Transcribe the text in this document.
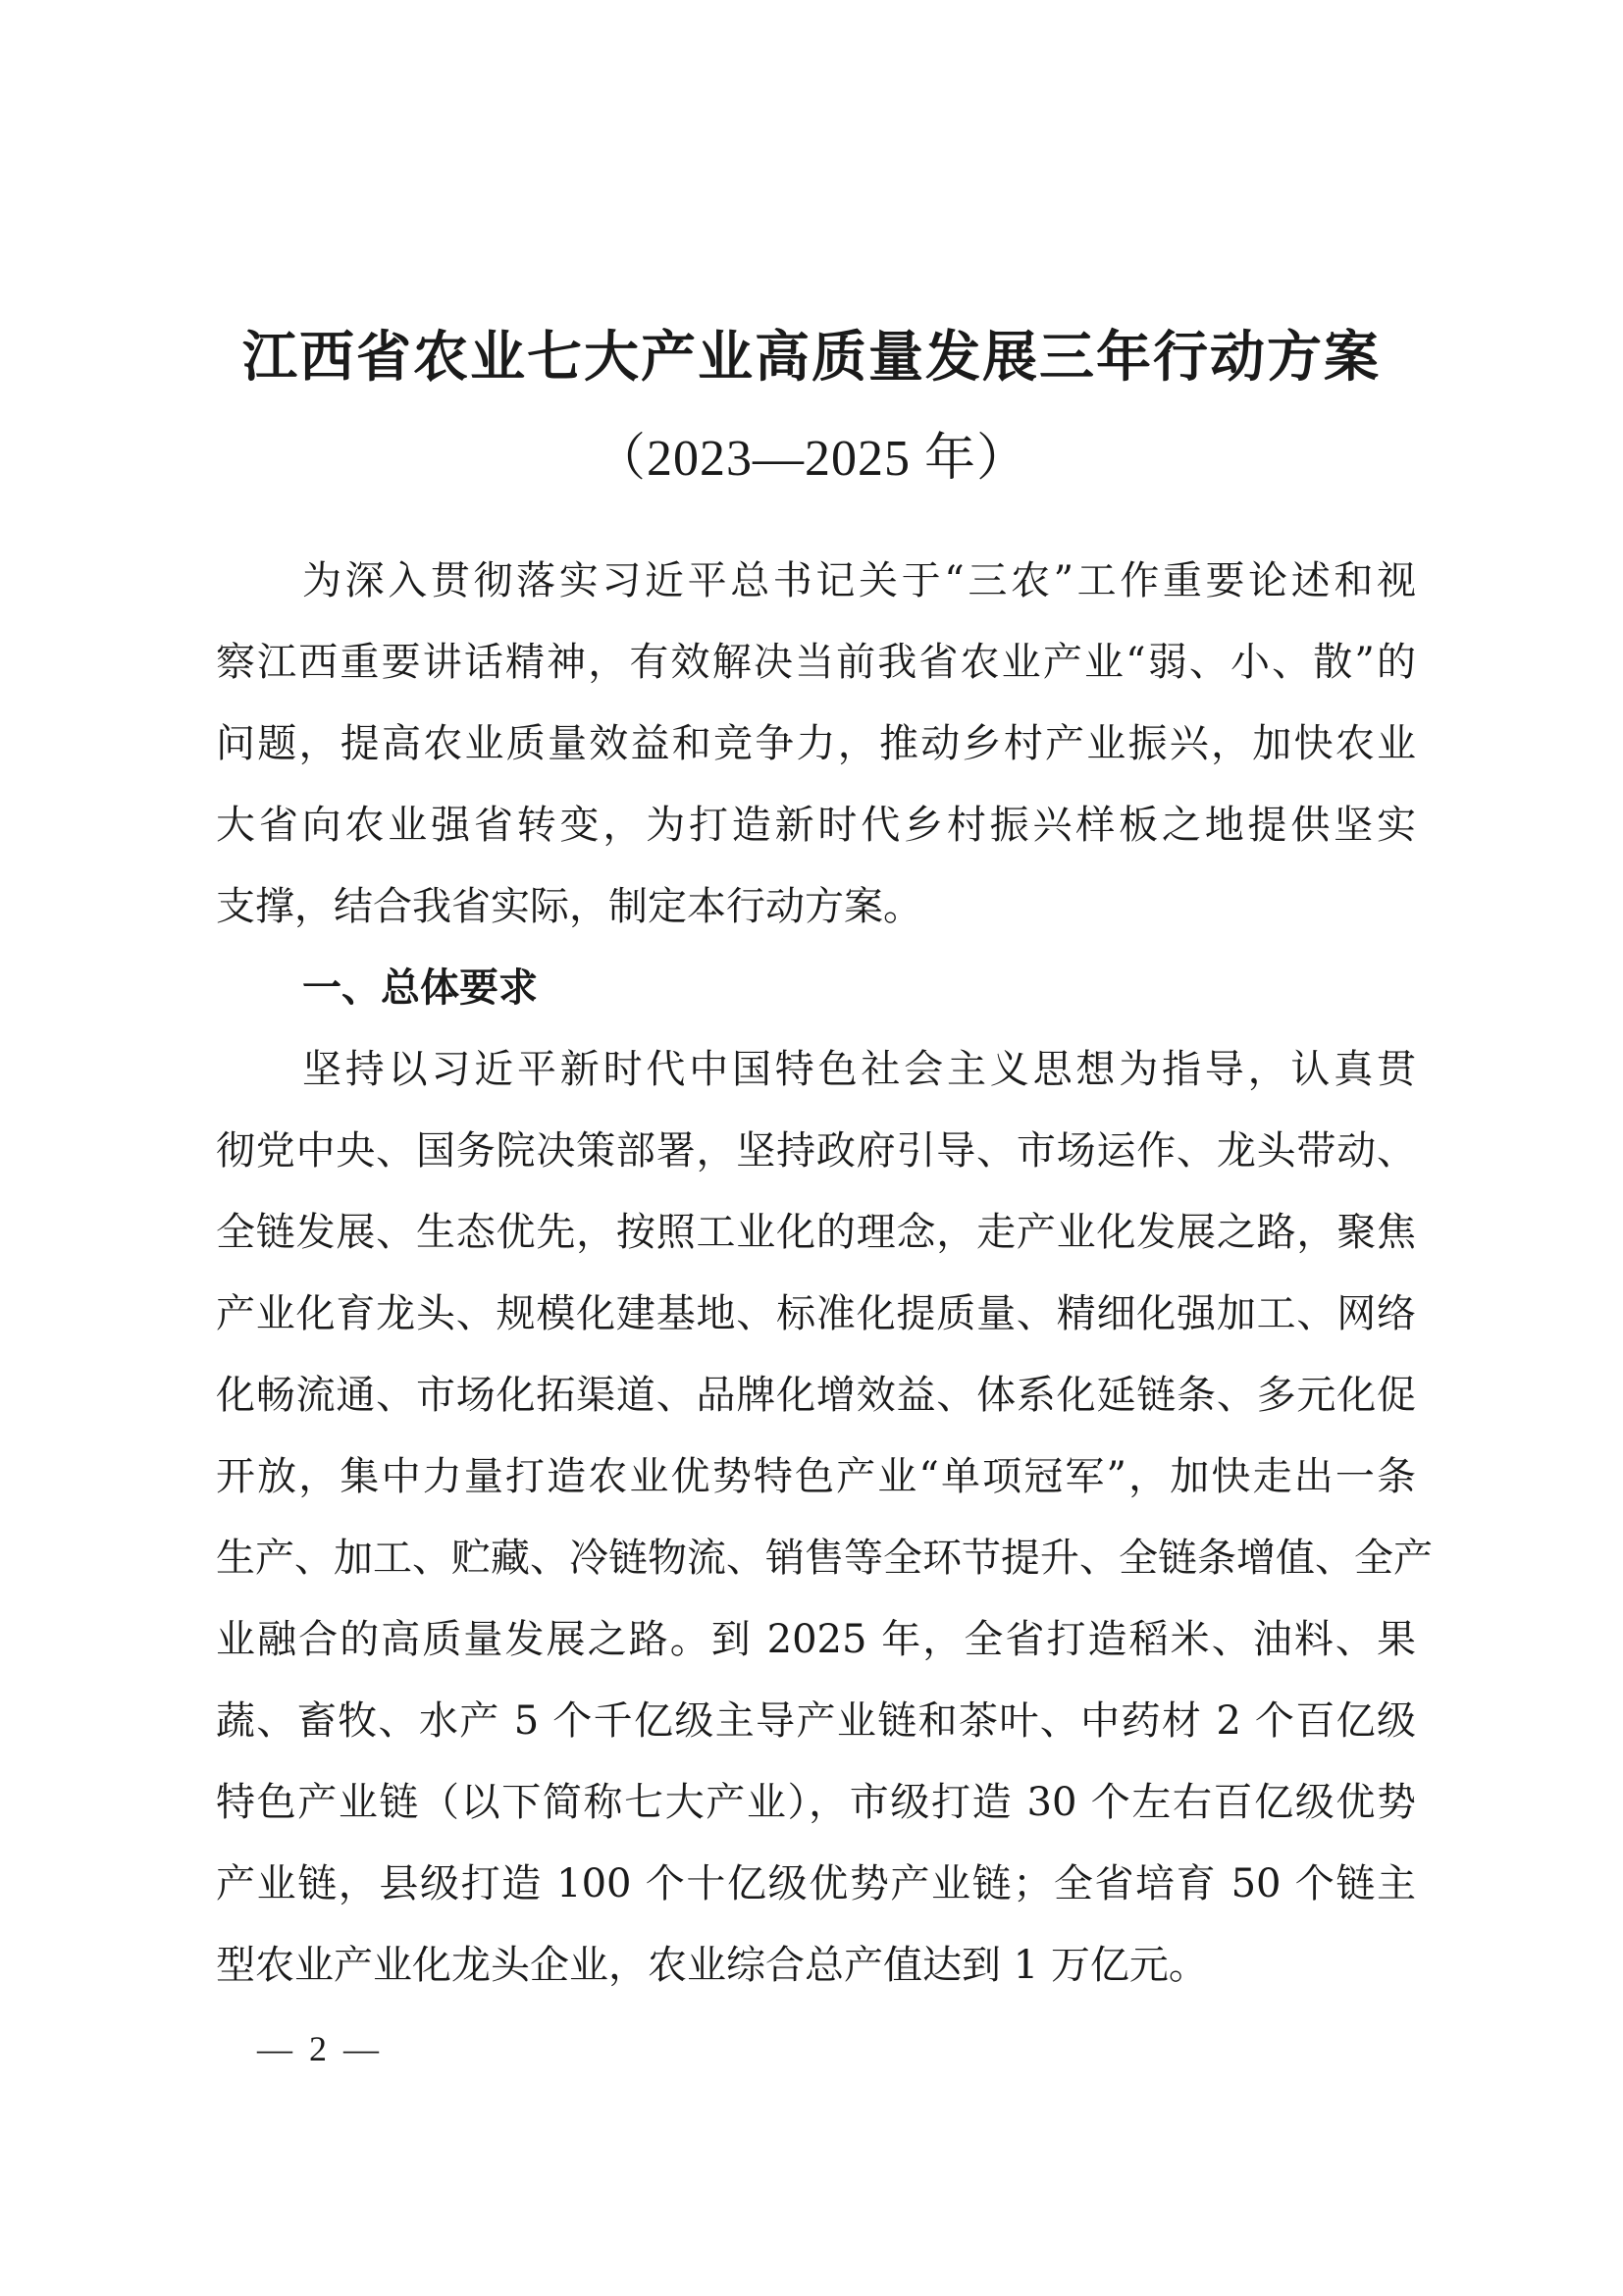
江西省农业七大产业高质量发展三年行动方案
（2023—2025 年）
为深入贯彻落实习近平总书记关于“三农”工作重要论述和视
察江西重要讲话精神，有效解决当前我省农业产业“弱、小、散”的
问题，提高农业质量效益和竞争力，推动乡村产业振兴，加快农业
大省向农业强省转变，为打造新时代乡村振兴样板之地提供坚实
支撑，结合我省实际，制定本行动方案。
一、总体要求
坚持以习近平新时代中国特色社会主义思想为指导，认真贯
彻党中央、国务院决策部署，坚持政府引导、市场运作、龙头带动、
全链发展、生态优先，按照工业化的理念，走产业化发展之路，聚焦
产业化育龙头、规模化建基地、标准化提质量、精细化强加工、网络
化畅流通、市场化拓渠道、品牌化增效益、体系化延链条、多元化促
开放，集中力量打造农业优势特色产业“单项冠军”，加快走出一条
生产、加工、贮藏、冷链物流、销售等全环节提升、全链条增值、全产
业融合的高质量发展之路。到 2025 年，全省打造稻米、油料、果
蔬、畜牧、水产 5 个千亿级主导产业链和茶叶、中药材 2 个百亿级
特色产业链（以下简称七大产业），市级打造 30 个左右百亿级优势
产业链，县级打造 100 个十亿级优势产业链；全省培育 50 个链主
型农业产业化龙头企业，农业综合总产值达到 1 万亿元。
— 2 —
